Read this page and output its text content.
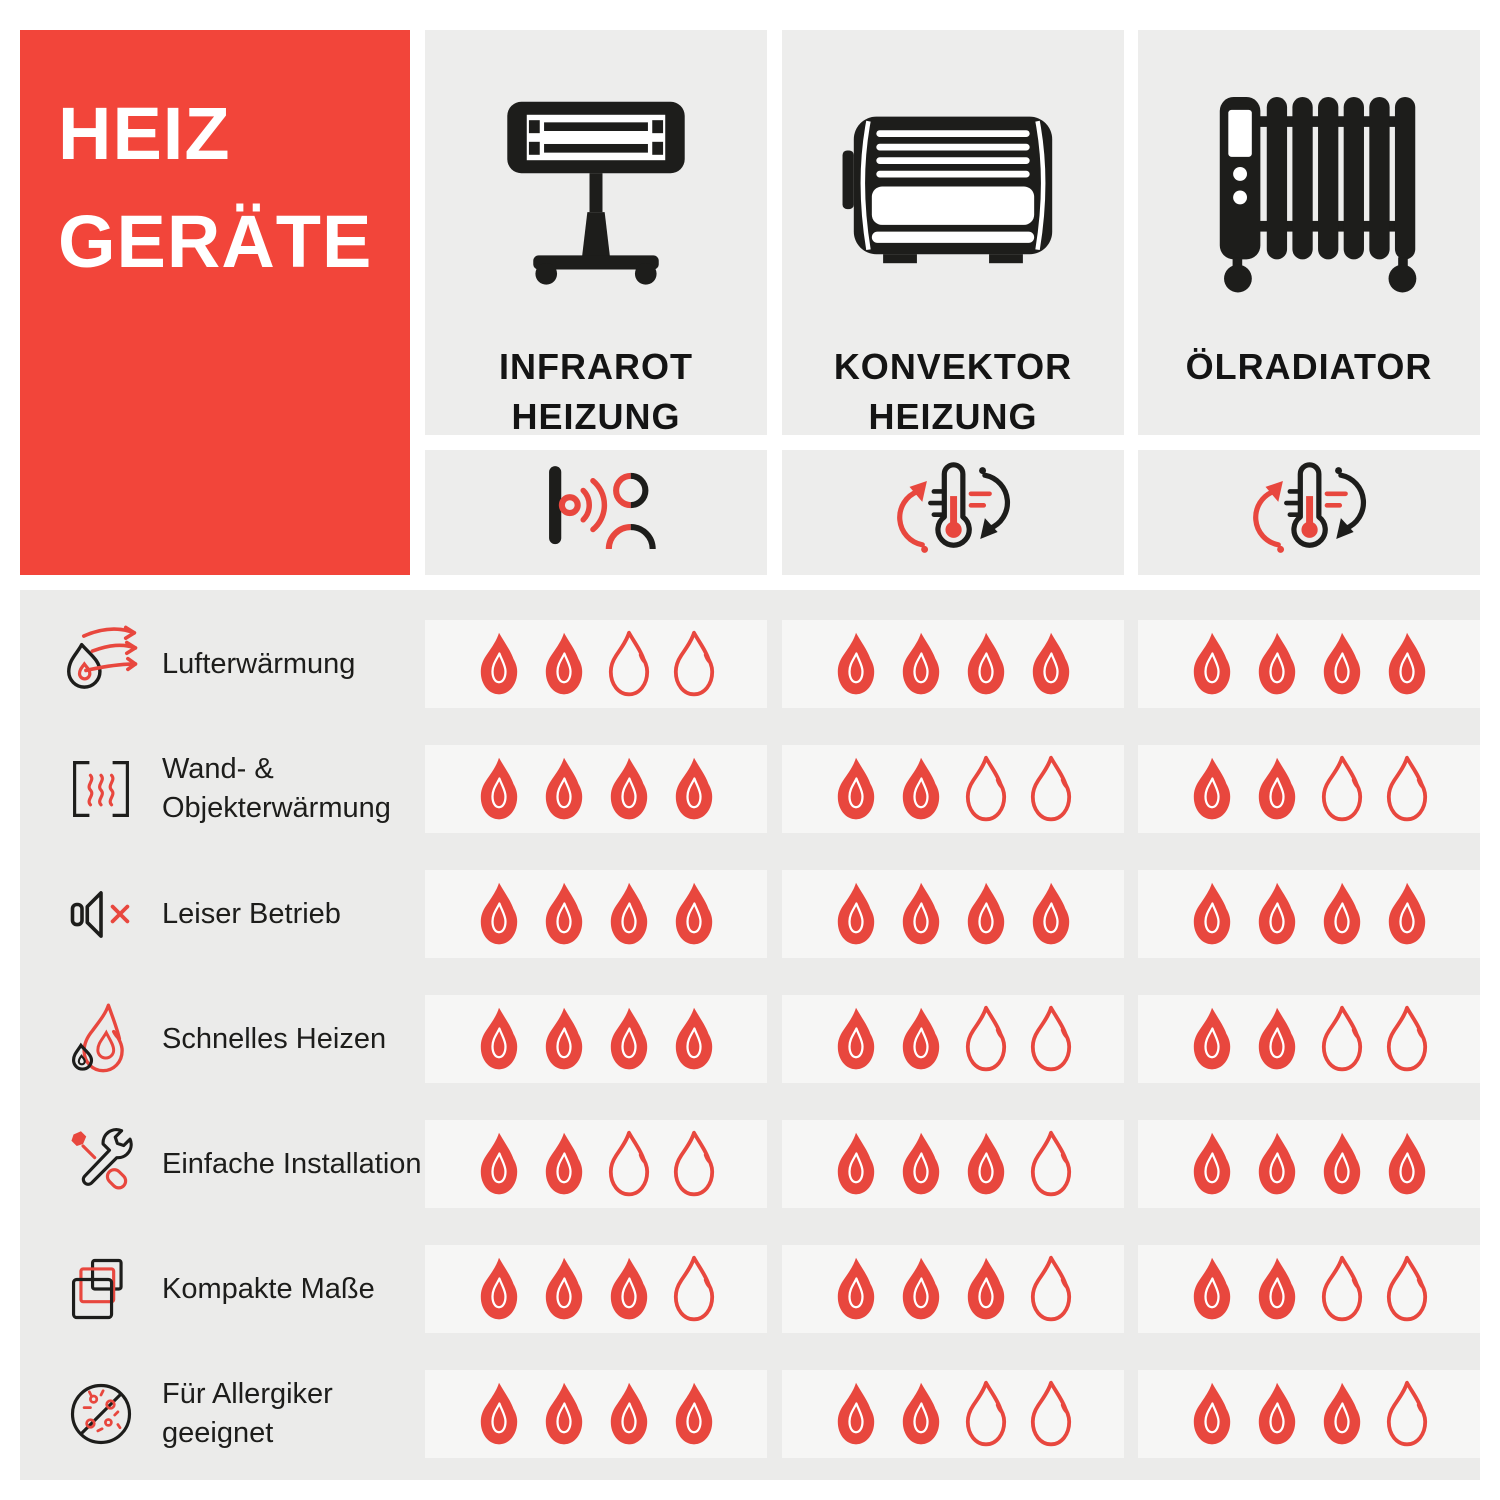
HEIZ
GERÄTE
INFRAROT
HEIZUNG
KONVEKTOR
HEIZUNG
ÖLRADIATOR
Lufterwärmung
Wand- &
Objekterwärmung
Leiser Betrieb
Schnelles Heizen
Einfache Installation
Kompakte Maße
Für Allergiker
geeignet
